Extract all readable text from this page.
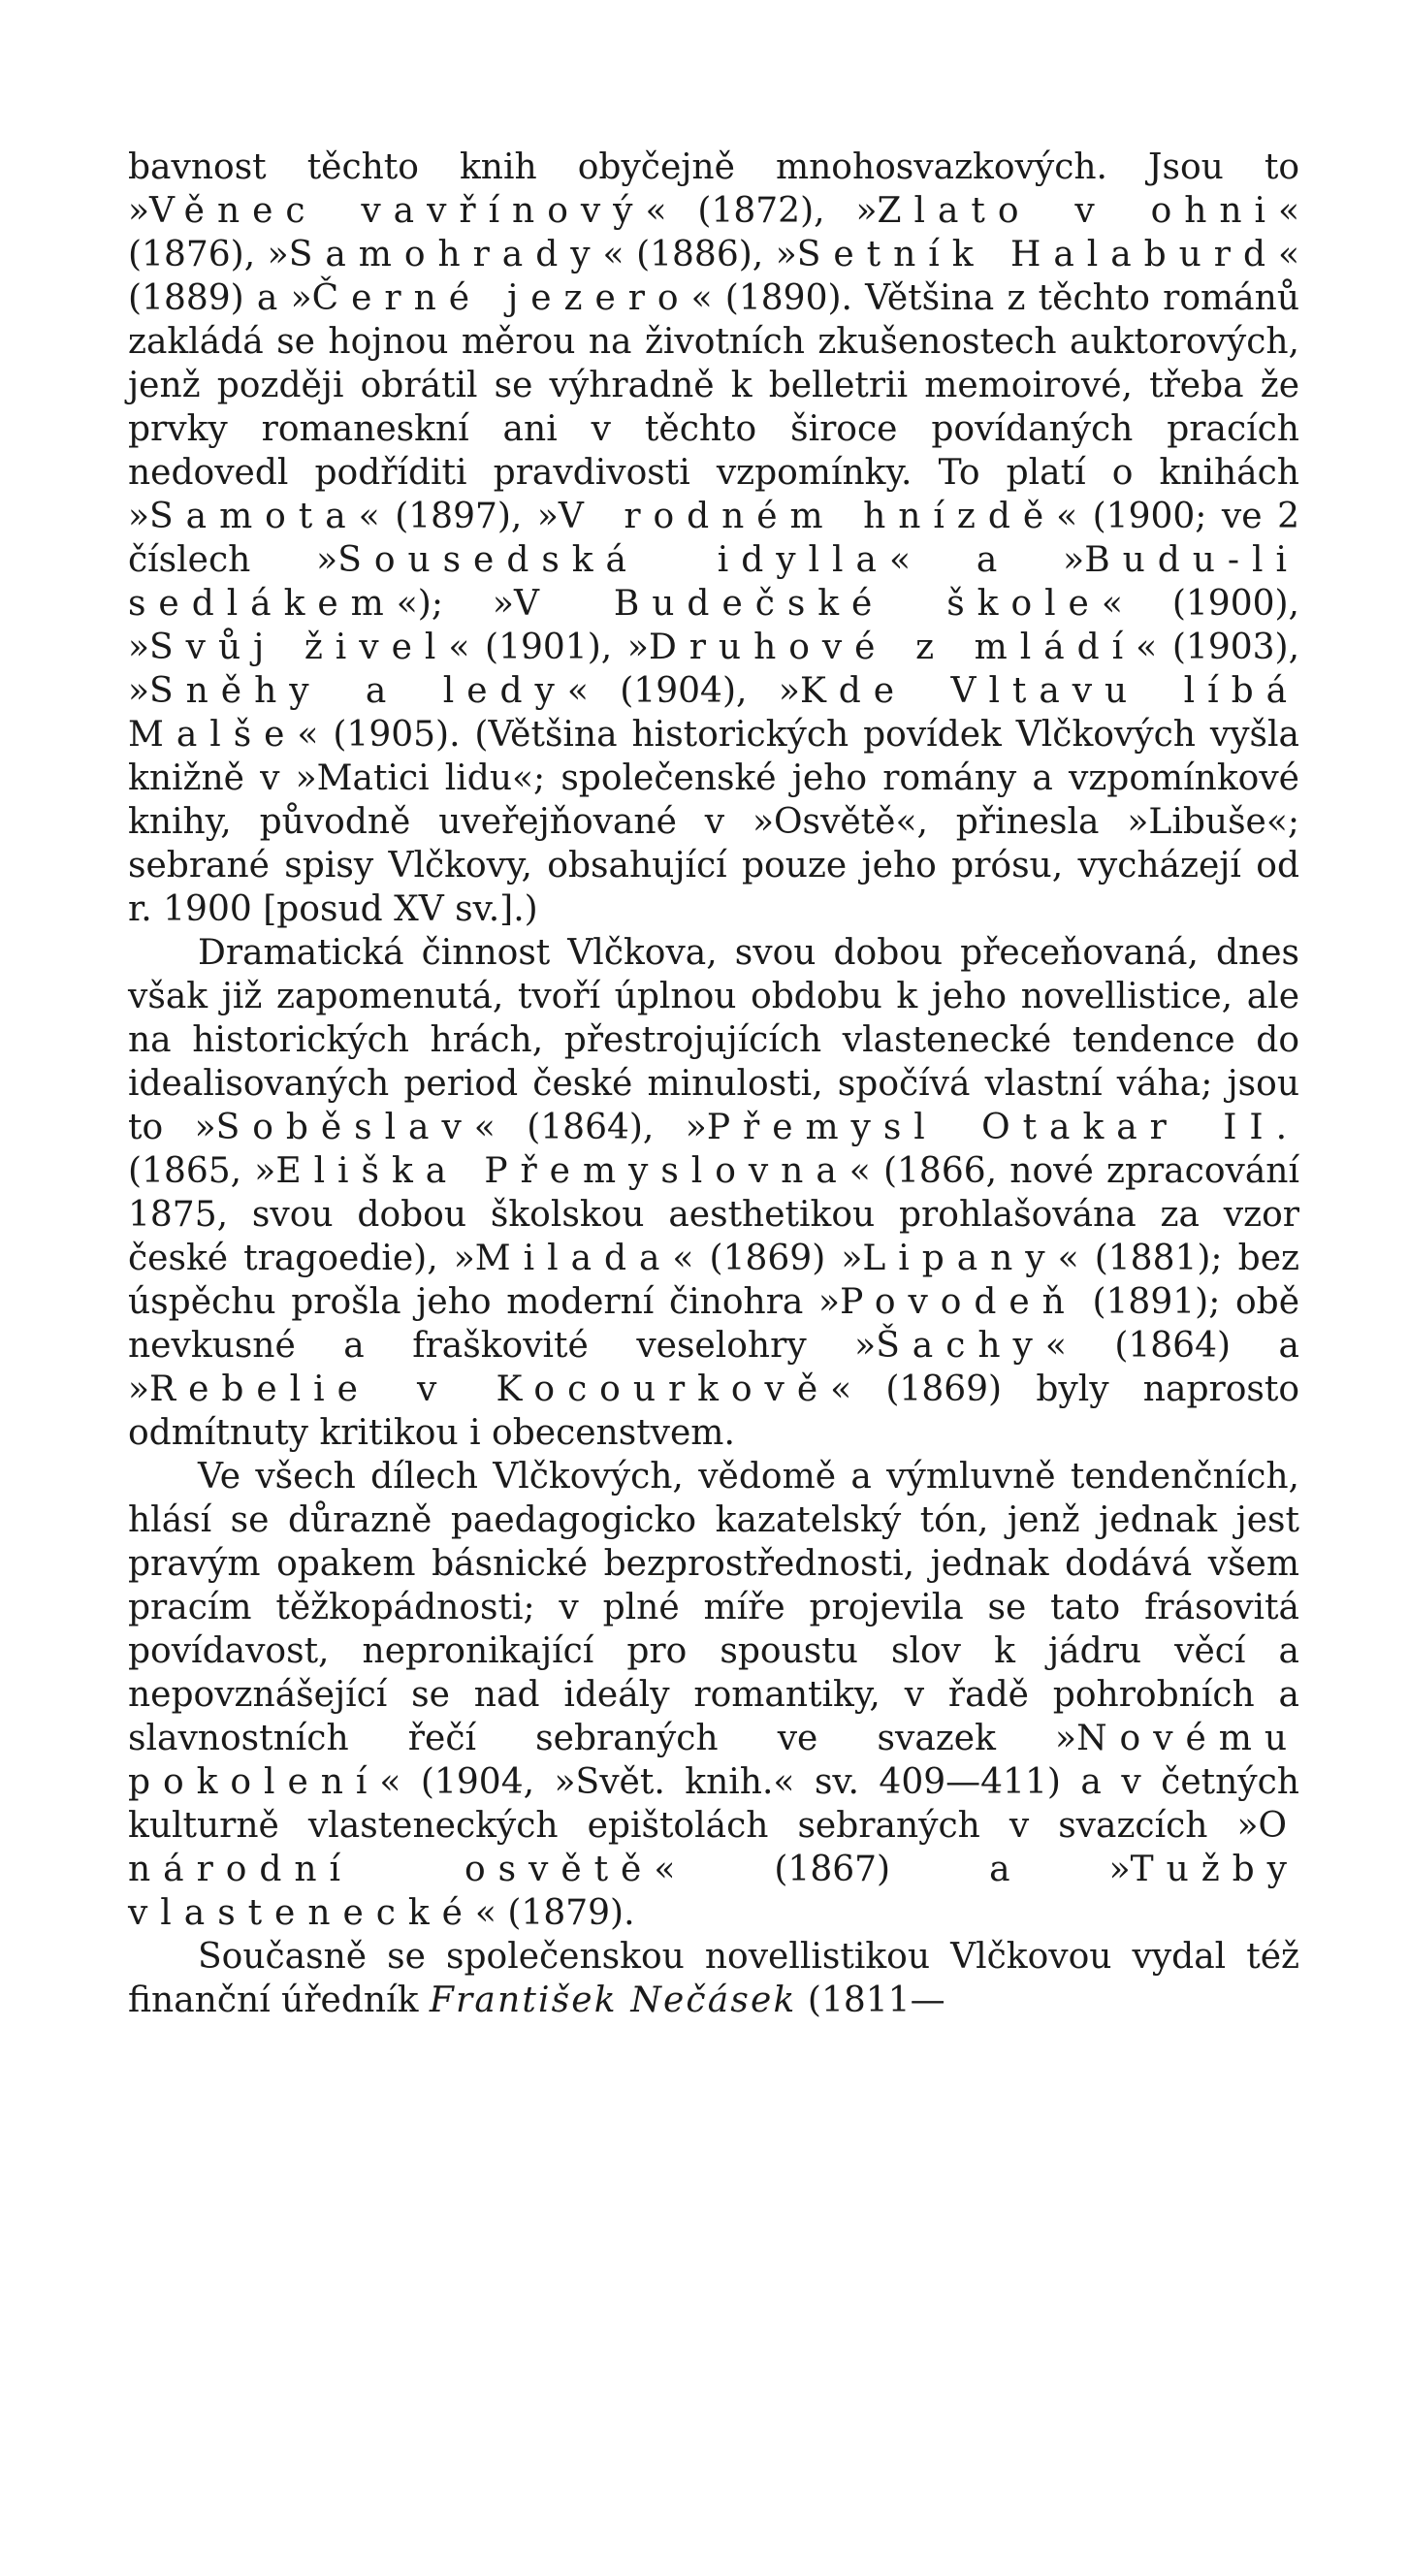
bavnost těchto knih obyčejně mnohosvazkových. Jsou to »Věnec vavřínový« (1872), »Zlato v ohni« (1876), »Samohrady« (1886), »Setník Halaburd« (1889) a »Černé jezero« (1890). Většina z těchto románů zakládá se hojnou měrou na životních zkušenostech auktorových, jenž později obrátil se výhradně k belletrii memoirové, třeba že prvky romaneskní ani v těchto široce povídaných pracích nedovedl podříditi pravdivosti vzpomínky. To platí o knihách »Samota« (1897), »V rodném hnízdě« (1900; ve 2 číslech »Sousedská idylla« a »Budu-li sedlákem«); »V Budečské škole« (1900), »Svůj živel« (1901), »Druhové z mládí« (1903), »Sněhy a ledy« (1904), »Kde Vltavu líbá Malše« (1905). (Většina historických povídek Vlčkových vyšla knižně v »Matici lidu«; společenské jeho romány a vzpomínkové knihy, původně uveřejňované v »Osvětě«, přinesla »Libuše«; sebrané spisy Vlčkovy, obsahující pouze jeho prósu, vycházejí od r. 1900 [posud XV sv.].)

Dramatická činnost Vlčkova, svou dobou přeceňovaná, dnes však již zapomenutá, tvoří úplnou obdobu k jeho novellistice, ale na historických hrách, přestrojujících vlastenecké tendence do idealisovaných period české minulosti, spočívá vlastní váha; jsou to »Soběslav« (1864), »Přemysl Otakar II. (1865, »Eliška Přemyslovna« (1866, nové zpracování 1875, svou dobou školskou aesthetikou prohlašována za vzor české tragoedie), »Milada« (1869) »Lipany« (1881); bez úspěchu prošla jeho moderní činohra »Povodeň (1891); obě nevkusné a fraškovité veselohry »Šachy« (1864) a »Rebelie v Kocourkově« (1869) byly naprosto odmítnuty kritikou i obecenstvem.

Ve všech dílech Vlčkových, vědomě a výmluvně tendenčních, hlásí se důrazně paedagogicko kazatelský tón, jenž jednak jest pravým opakem básnické bezprostřednosti, jednak dodává všem pracím těžkopádnosti; v plné míře projevila se tato frásovitá povídavost, nepronikající pro spoustu slov k jádru věcí a nepovznášející se nad ideály romantiky, v řadě pohrobních a slavnostních řečí sebraných ve svazek »Novému pokolení« (1904, »Svět. knih.« sv. 409—411) a v četných kulturně vlasteneckých epištolách sebraných v svazcích »O národní osvětě« (1867) a »Tužby vlastenecké« (1879).

Současně se společenskou novellistikou Vlčkovou vydal též finanční úředník František Nečásek (1811—
